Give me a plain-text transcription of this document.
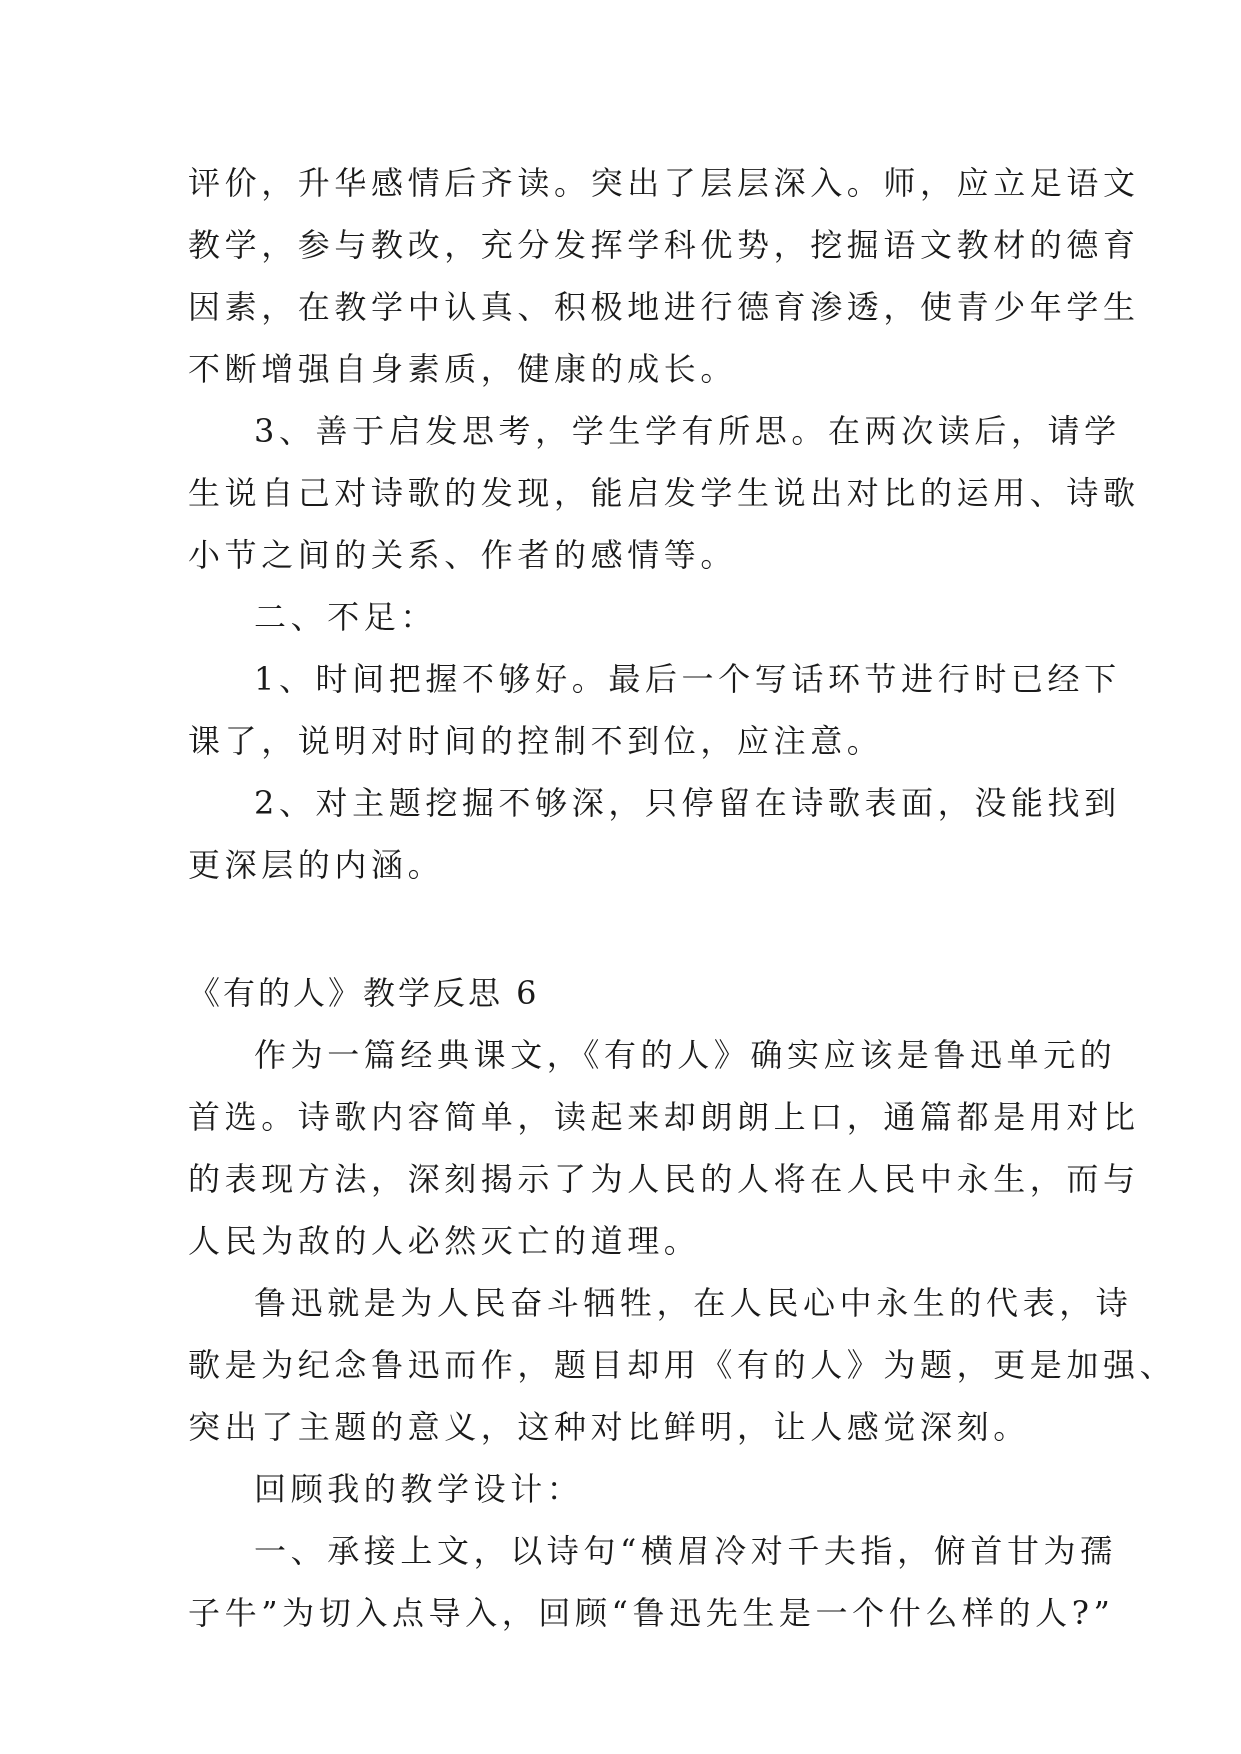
评价，升华感情后齐读。突出了层层深入。师，应立足语文

教学，参与教改，充分发挥学科优势，挖掘语文教材的德育

因素，在教学中认真、积极地进行德育渗透，使青少年学生

不断增强自身素质，健康的成长。

3、善于启发思考，学生学有所思。在两次读后，请学

生说自己对诗歌的发现，能启发学生说出对比的运用、诗歌

小节之间的关系、作者的感情等。

二、不足：

1、时间把握不够好。最后一个写话环节进行时已经下

课了，说明对时间的控制不到位，应注意。

2、对主题挖掘不够深，只停留在诗歌表面，没能找到

更深层的内涵。

《有的人》教学反思 6

作为一篇经典课文，《有的人》确实应该是鲁迅单元的

首选。诗歌内容简单，读起来却朗朗上口，通篇都是用对比

的表现方法，深刻揭示了为人民的人将在人民中永生，而与

人民为敌的人必然灭亡的道理。

鲁迅就是为人民奋斗牺牲，在人民心中永生的代表，诗

歌是为纪念鲁迅而作，题目却用《有的人》为题，更是加强、

突出了主题的意义，这种对比鲜明，让人感觉深刻。

回顾我的教学设计：

一、承接上文，以诗句“横眉冷对千夫指，俯首甘为孺

子牛”为切入点导入，回顾“鲁迅先生是一个什么样的人?”
